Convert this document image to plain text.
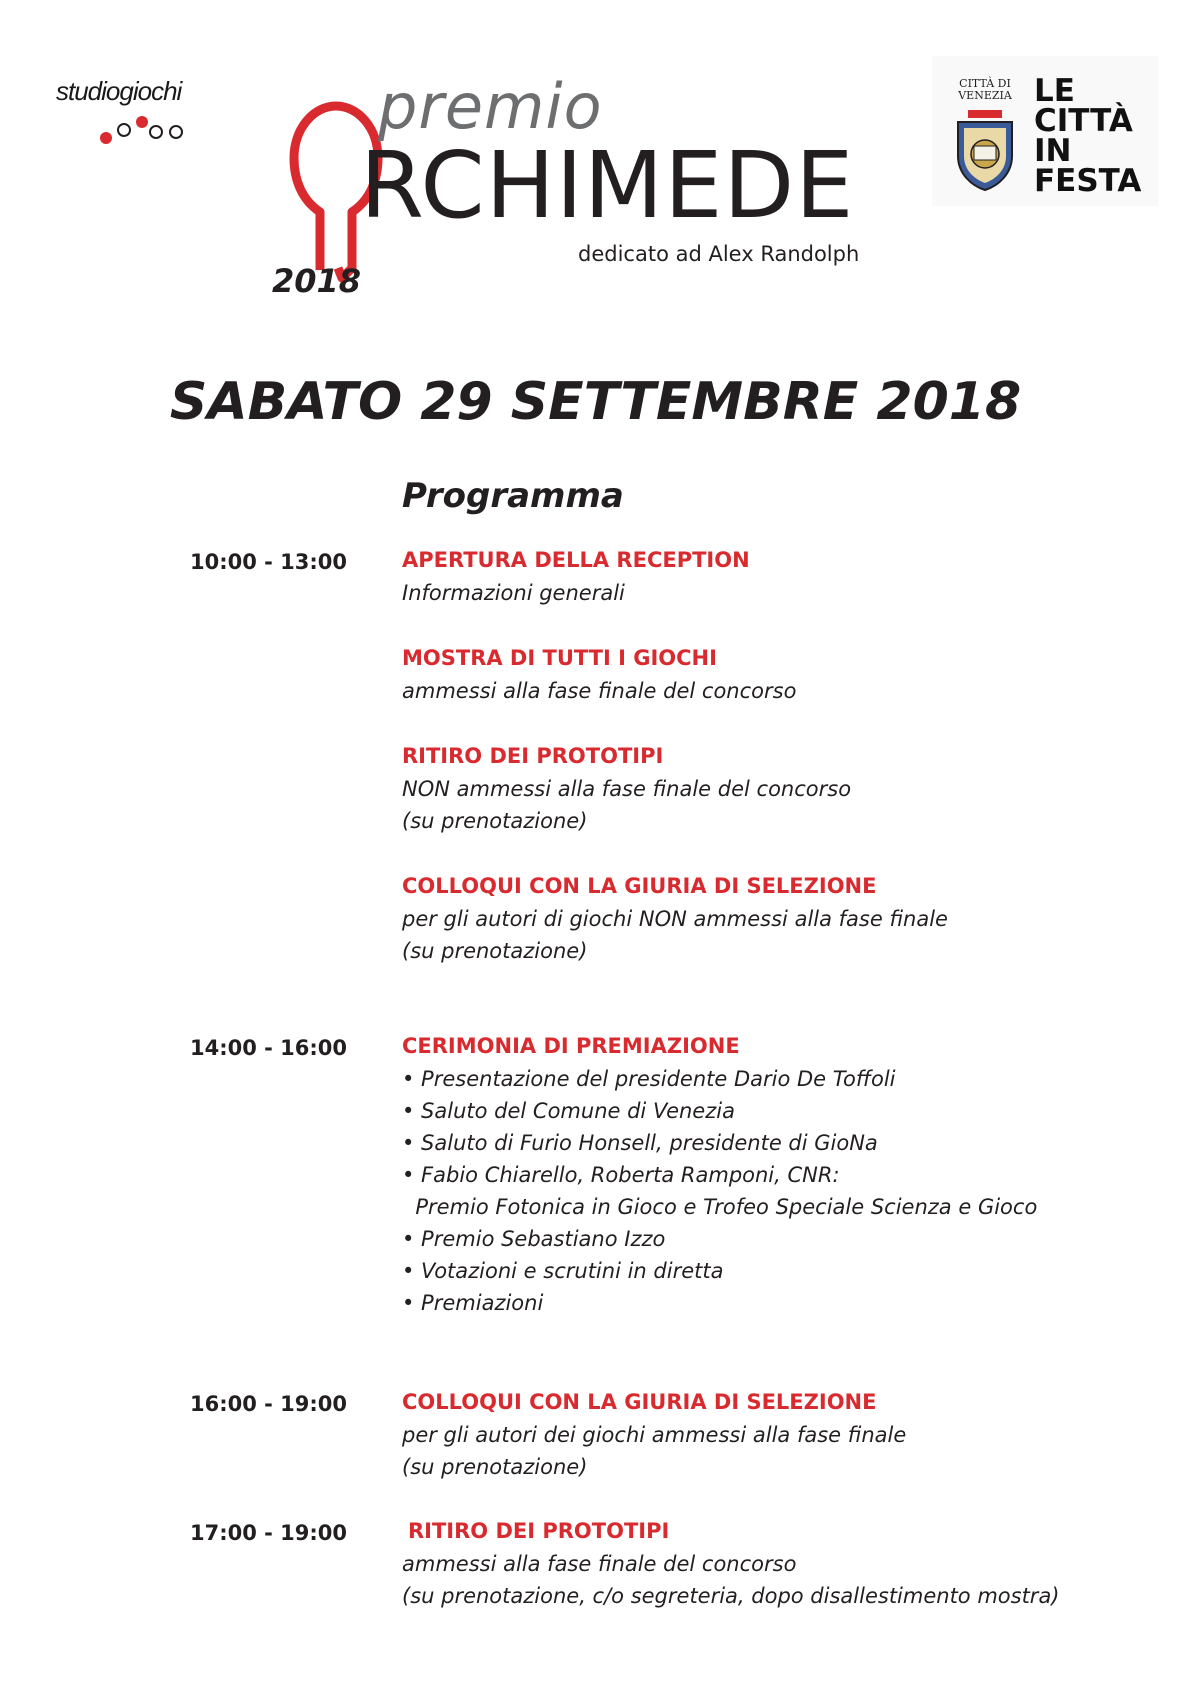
studiogiochi	premio
RCHIMEDE
dedicato ad Alex Randolph
2018
CITTÀ DI
VENEZIA LE
CITTÀ
IN
FESTA
SABATO 29 SETTEMBRE 2018
Programma
10:00 - 13:00	APERTURA DELLA RECEPTION
Informazioni generali
MOSTRA DI TUTTI I GIOCHI
ammessi alla fase finale del concorso
RITIRO DEI PROTOTIPI
NON ammessi alla fase finale del concorso
(su prenotazione)
COLLOQUI CON LA GIURIA DI SELEZIONE
per gli autori di giochi NON ammessi alla fase finale
(su prenotazione)
14:00 - 16:00	CERIMONIA DI PREMIAZIONE
• Presentazione del presidente Dario De Toffoli
• Saluto del Comune di Venezia
• Saluto di Furio Honsell, presidente di GioNa
• Fabio Chiarello, Roberta Ramponi, CNR:
Premio Fotonica in Gioco e Trofeo Speciale Scienza e Gioco
• Premio Sebastiano Izzo
• Votazioni e scrutini in diretta
• Premiazioni
16:00 - 19:00	COLLOQUI CON LA GIURIA DI SELEZIONE
per gli autori dei giochi ammessi alla fase finale
(su prenotazione)
17:00 - 19:00	RITIRO DEI PROTOTIPI
ammessi alla fase finale del concorso
(su prenotazione, c/o segreteria, dopo disallestimento mostra)
